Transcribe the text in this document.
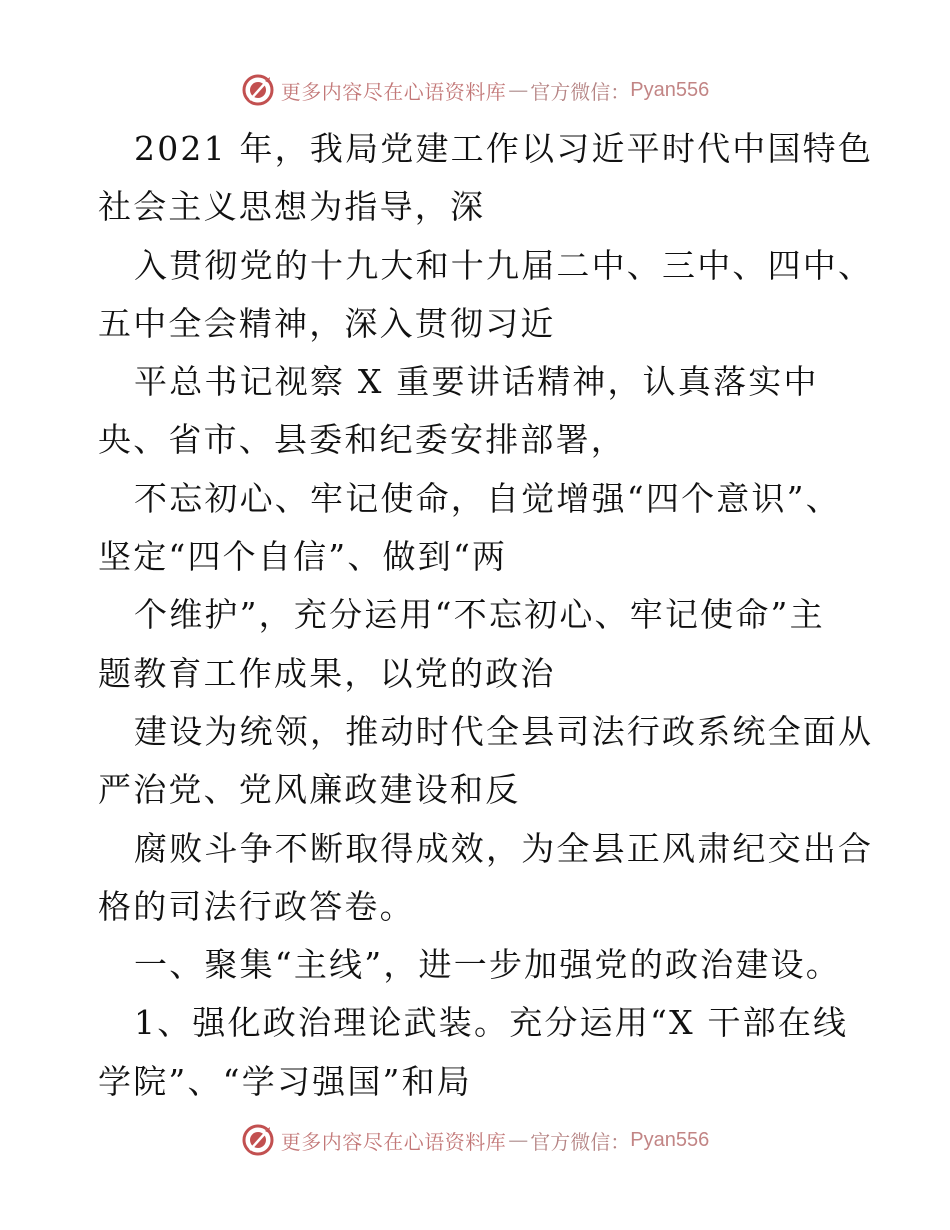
更多内容尽在心语资料库 — 官方微信： Pyan556
2021 年，我局党建工作以习近平时代中国特色
社会主义思想为指导，深
入贯彻党的十九大和十九届二中、三中、四中、
五中全会精神，深入贯彻习近
平总书记视察 X 重要讲话精神，认真落实中
央、省市、县委和纪委安排部署，
不忘初心、牢记使命，自觉增强“四个意识”、
坚定“四个自信”、做到“两
个维护”，充分运用“不忘初心、牢记使命”主
题教育工作成果，以党的政治
建设为统领，推动时代全县司法行政系统全面从
严治党、党风廉政建设和反
腐败斗争不断取得成效，为全县正风肃纪交出合
格的司法行政答卷。
一、聚集“主线”，进一步加强党的政治建设。
1、强化政治理论武装。充分运用“X 干部在线
学院”、“学习强国”和局
更多内容尽在心语资料库 — 官方微信： Pyan556
